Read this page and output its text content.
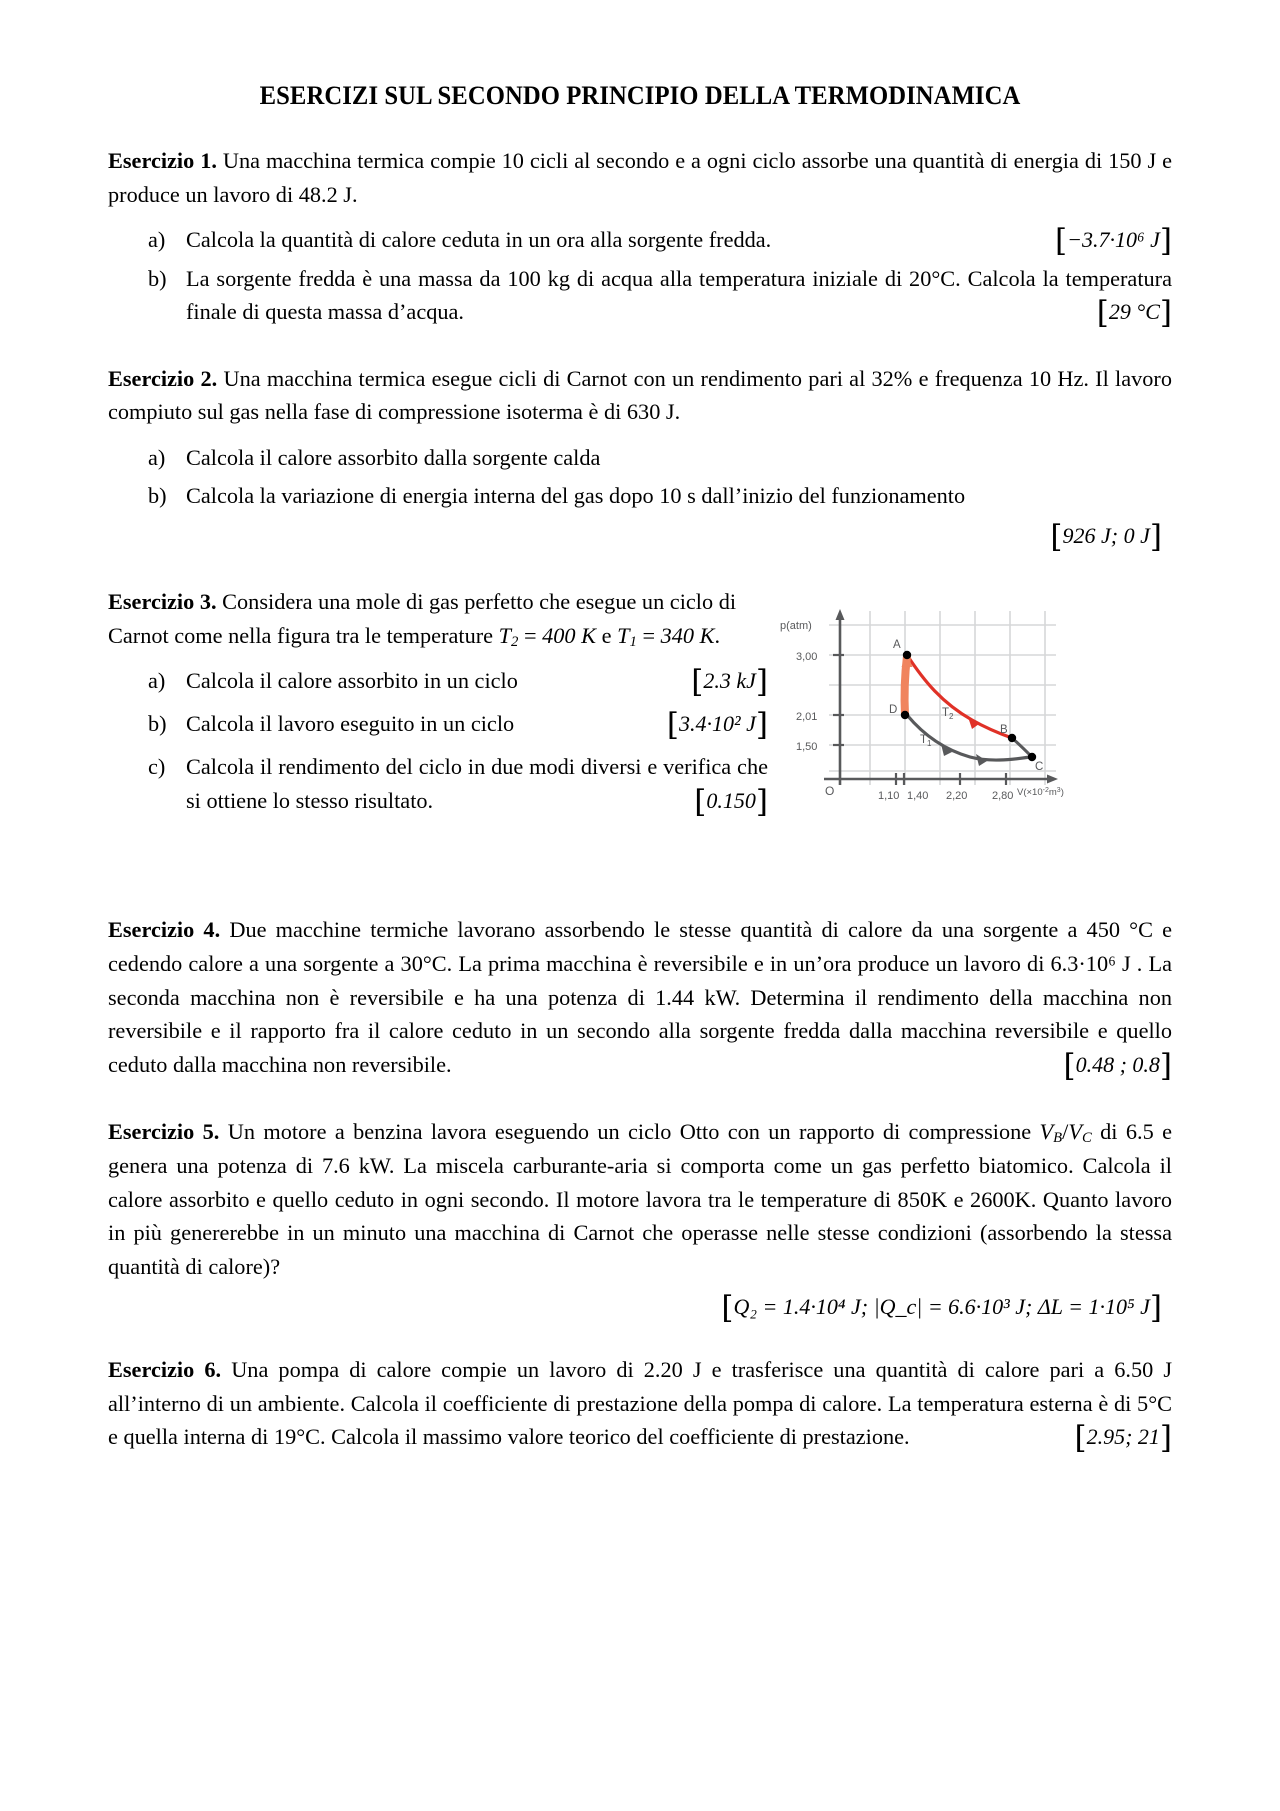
ESERCIZI SUL SECONDO PRINCIPIO DELLA TERMODINAMICA

Esercizio 1. Una macchina termica compie 10 cicli al secondo e a ogni ciclo assorbe una quantità di energia di 150 J e produce un lavoro di 48.2 J.

a) Calcola la quantità di calore ceduta in un ora alla sorgente fredda.	[−3.7·10⁶ J]
b) La sorgente fredda è una massa da 100 kg di acqua alla temperatura iniziale di 20°C. Calcola la temperatura finale di questa massa d’acqua.	[29 °C]

Esercizio 2. Una macchina termica esegue cicli di Carnot con un rendimento pari al 32% e frequenza 10 Hz. Il lavoro compiuto sul gas nella fase di compressione isoterma è di 630 J.

a) Calcola il calore assorbito dalla sorgente calda
b) Calcola la variazione di energia interna del gas dopo 10 s dall’inizio del funzionamento
[926 J; 0 J]

Esercizio 3. Considera una mole di gas perfetto che esegue un ciclo di Carnot come nella figura tra le temperature $T_2 = 400$ K e $T_1 = 340$ K.

a) Calcola il calore assorbito in un ciclo	[2.3 kJ]
b) Calcola il lavoro eseguito in un ciclo	[3.4·10² J]
c) Calcola il rendimento del ciclo in due modi diversi e verifica che si ottiene lo stesso risultato.	[0.150]
A
B
C
D	$T_2$
$T_1$
p(atm)
3,00
2,01
1,50
O	1,10 1,40 2,20 2,80 $V(\times 10^{-2}m^3)$

Esercizio 4. Due macchine termiche lavorano assorbendo le stesse quantità di calore da una sorgente a 450 °C e cedendo calore a una sorgente a 30°C. La prima macchina è reversibile e in un’ora produce un lavoro di 6.3·10⁶ J . La seconda macchina non è reversibile e ha una potenza di 1.44 kW. Determina il rendimento della macchina non reversibile e il rapporto fra il calore ceduto in un secondo alla sorgente fredda dalla macchina reversibile e quello ceduto dalla macchina non reversibile.	[0.48 ; 0.8]

Esercizio 5. Un motore a benzina lavora eseguendo un ciclo Otto con un rapporto di compressione $V_B/V_C$ di 6.5 e genera una potenza di 7.6 kW. La miscela carburante-aria si comporta come un gas perfetto biatomico. Calcola il calore assorbito e quello ceduto in ogni secondo. Il motore lavora tra le temperature di 850K e 2600K. Quanto lavoro in più genererebbe in un minuto una macchina di Carnot che operasse nelle stesse condizioni (assorbendo la stessa quantità di calore)?

[Q₂ = 1.4·10⁴ J; |Q_c| = 6.6·10³ J; ΔL = 1·10⁵ J]

Esercizio 6. Una pompa di calore compie un lavoro di 2.20 J e trasferisce una quantità di calore pari a 6.50 J all’interno di un ambiente. Calcola il coefficiente di prestazione della pompa di calore. La temperatura esterna è di 5°C e quella interna di 19°C. Calcola il massimo valore teorico del coefficiente di prestazione.	[2.95; 21]
